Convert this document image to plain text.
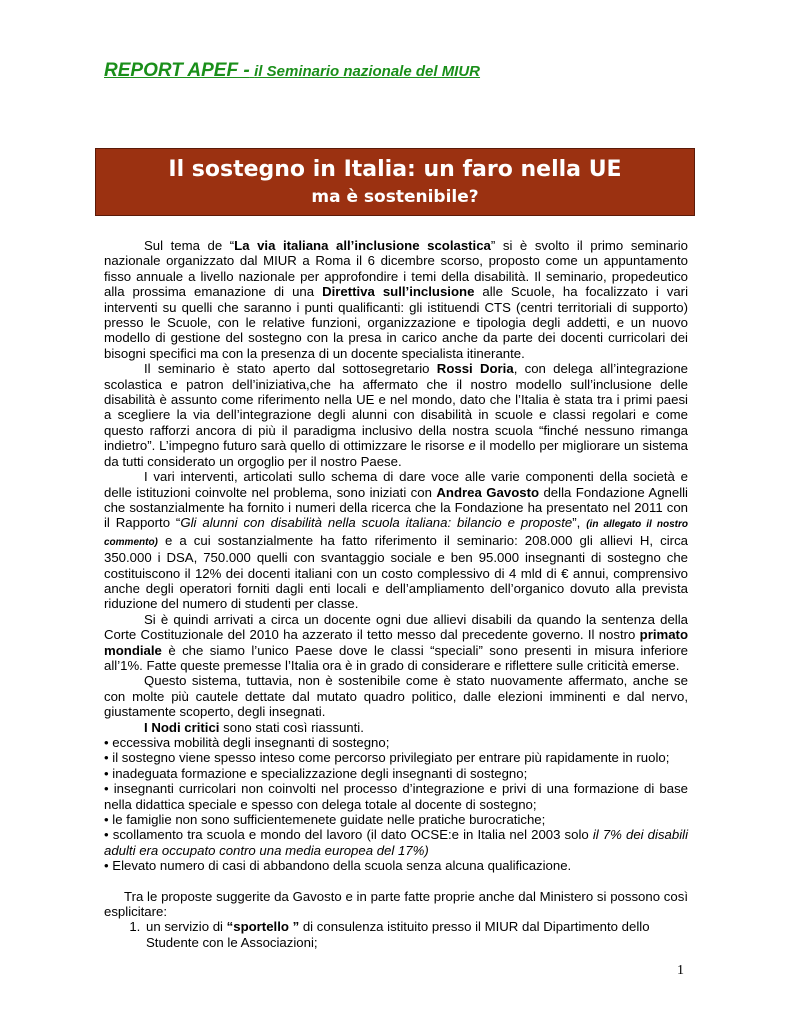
REPORT APEF - il Seminario nazionale del MIUR
Il sostegno in Italia: un faro nella UE
ma è sostenibile?

Sul tema de “La via italiana all’inclusione scolastica” si è svolto il primo seminario nazionale organizzato dal MIUR a Roma il 6 dicembre scorso, proposto come un appuntamento fisso annuale a livello nazionale per approfondire i temi della disabilità. Il seminario, propedeutico alla prossima emanazione di una Direttiva sull’inclusione alle Scuole, ha focalizzato i vari interventi su quelli che saranno i punti qualificanti: gli istituendi CTS (centri territoriali di supporto) presso le Scuole, con le relative funzioni, organizzazione e tipologia degli addetti, e un nuovo modello di gestione del sostegno con la presa in carico anche da parte dei docenti curricolari dei bisogni specifici ma con la presenza di un docente specialista itinerante.

Il seminario è stato aperto dal sottosegretario Rossi Doria, con delega all’integrazione scolastica e patron dell’iniziativa,che ha affermato che il nostro modello sull’inclusione delle disabilità è assunto come riferimento nella UE e nel mondo, dato che l’Italia è stata tra i primi paesi a scegliere la via dell’integrazione degli alunni con disabilità in scuole e classi regolari e come questo rafforzi ancora di più il paradigma inclusivo della nostra scuola “finché nessuno rimanga indietro”. L’impegno futuro sarà quello di ottimizzare le risorse e il modello per migliorare un sistema da tutti considerato un orgoglio per il nostro Paese.

I vari interventi, articolati sullo schema di dare voce alle varie componenti della società e delle istituzioni coinvolte nel problema, sono iniziati con Andrea Gavosto della Fondazione Agnelli che sostanzialmente ha fornito i numeri della ricerca che la Fondazione ha presentato nel 2011 con il Rapporto “Gli alunni con disabilità nella scuola italiana: bilancio e proposte”, (in allegato il nostro commento) e a cui sostanzialmente ha fatto riferimento il seminario: 208.000 gli allievi H, circa 350.000 i DSA, 750.000 quelli con svantaggio sociale e ben 95.000 insegnanti di sostegno che costituiscono il 12% dei docenti italiani con un costo complessivo di 4 mld di € annui, comprensivo anche degli operatori forniti dagli enti locali e dell’ampliamento dell’organico dovuto alla prevista riduzione del numero di studenti per classe.

Si è quindi arrivati a circa un docente ogni due allievi disabili da quando la sentenza della Corte Costituzionale del 2010 ha azzerato il tetto messo dal precedente governo. Il nostro primato mondiale è che siamo l’unico Paese dove le classi “speciali” sono presenti in misura inferiore all’1%. Fatte queste premesse l’Italia ora è in grado di considerare e riflettere sulle criticità emerse.

Questo sistema, tuttavia, non è sostenibile come è stato nuovamente affermato, anche se con molte più cautele dettate dal mutato quadro politico, dalle elezioni imminenti e dal nervo, giustamente scoperto, degli insegnati.

I Nodi critici sono stati così riassunti.

• eccessiva mobilità degli insegnanti di sostegno;

• il sostegno viene spesso inteso come percorso privilegiato per entrare più rapidamente in ruolo;

• inadeguata formazione e specializzazione degli insegnanti di sostegno;

• insegnanti curricolari non coinvolti nel processo d’integrazione e privi di una formazione di base nella didattica speciale e spesso con delega totale al docente di sostegno;

• le famiglie non sono sufficientemenete guidate nelle pratiche burocratiche;

• scollamento tra scuola e mondo del lavoro (il dato OCSE:e in Italia nel 2003 solo il 7% dei disabili adulti era occupato contro una media europea del 17%)

• Elevato numero di casi di abbandono della scuola senza alcuna qualificazione.

Tra le proposte suggerite da Gavosto e in parte fatte proprie anche dal Ministero si possono così esplicitare:

1. un servizio di “sportello ” di consulenza istituito presso il MIUR dal Dipartimento dello Studente con le Associazioni;
1
